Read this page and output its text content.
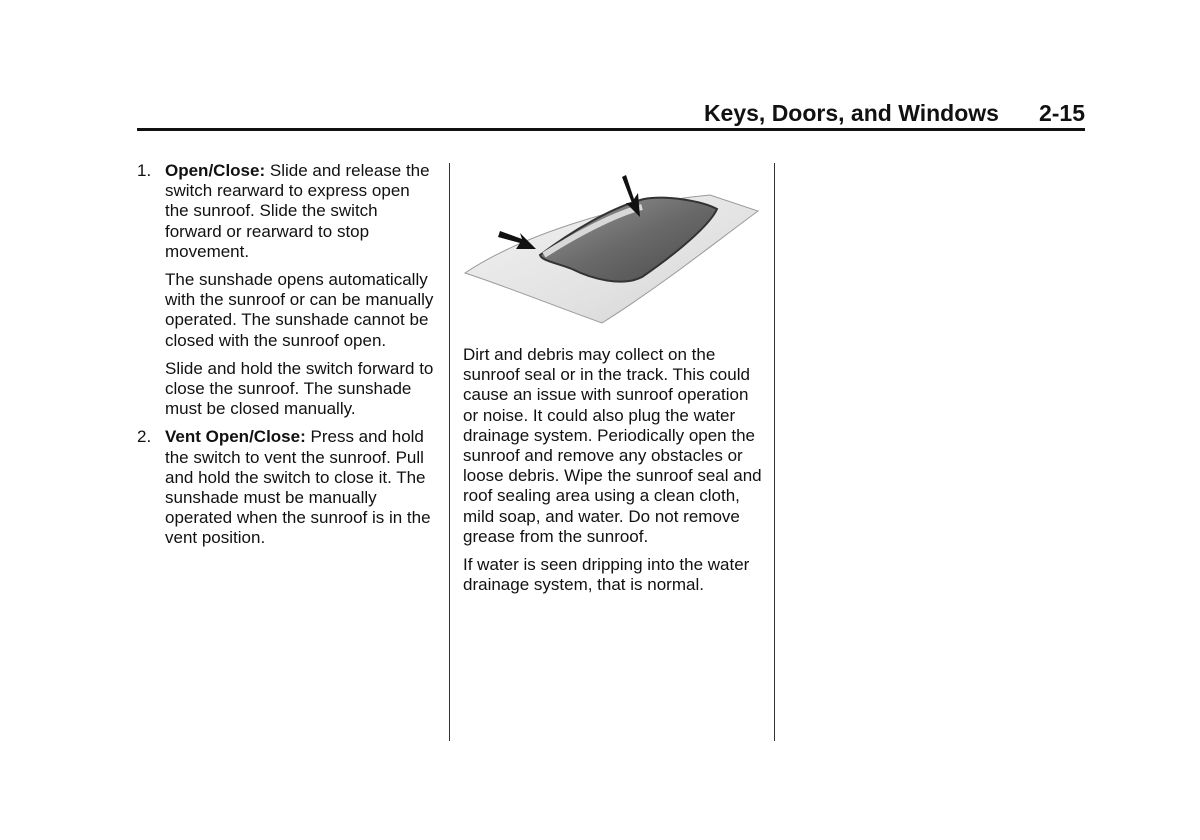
Keys, Doors, and Windows 2-15
1. Open/Close: Slide and release the switch rearward to express open the sunroof. Slide the switch forward or rearward to stop movement.

The sunshade opens automatically with the sunroof or can be manually operated. The sunshade cannot be closed with the sunroof open.

Slide and hold the switch forward to close the sunroof. The sunshade must be closed manually.

2. Vent Open/Close: Press and hold the switch to vent the sunroof. Pull and hold the switch to close it. The sunshade must be manually operated when the sunroof is in the vent position.

Dirt and debris may collect on the sunroof seal or in the track. This could cause an issue with sunroof operation or noise. It could also plug the water drainage system. Periodically open the sunroof and remove any obstacles or loose debris. Wipe the sunroof seal and roof sealing area using a clean cloth, mild soap, and water. Do not remove grease from the sunroof.

If water is seen dripping into the water drainage system, that is normal.
